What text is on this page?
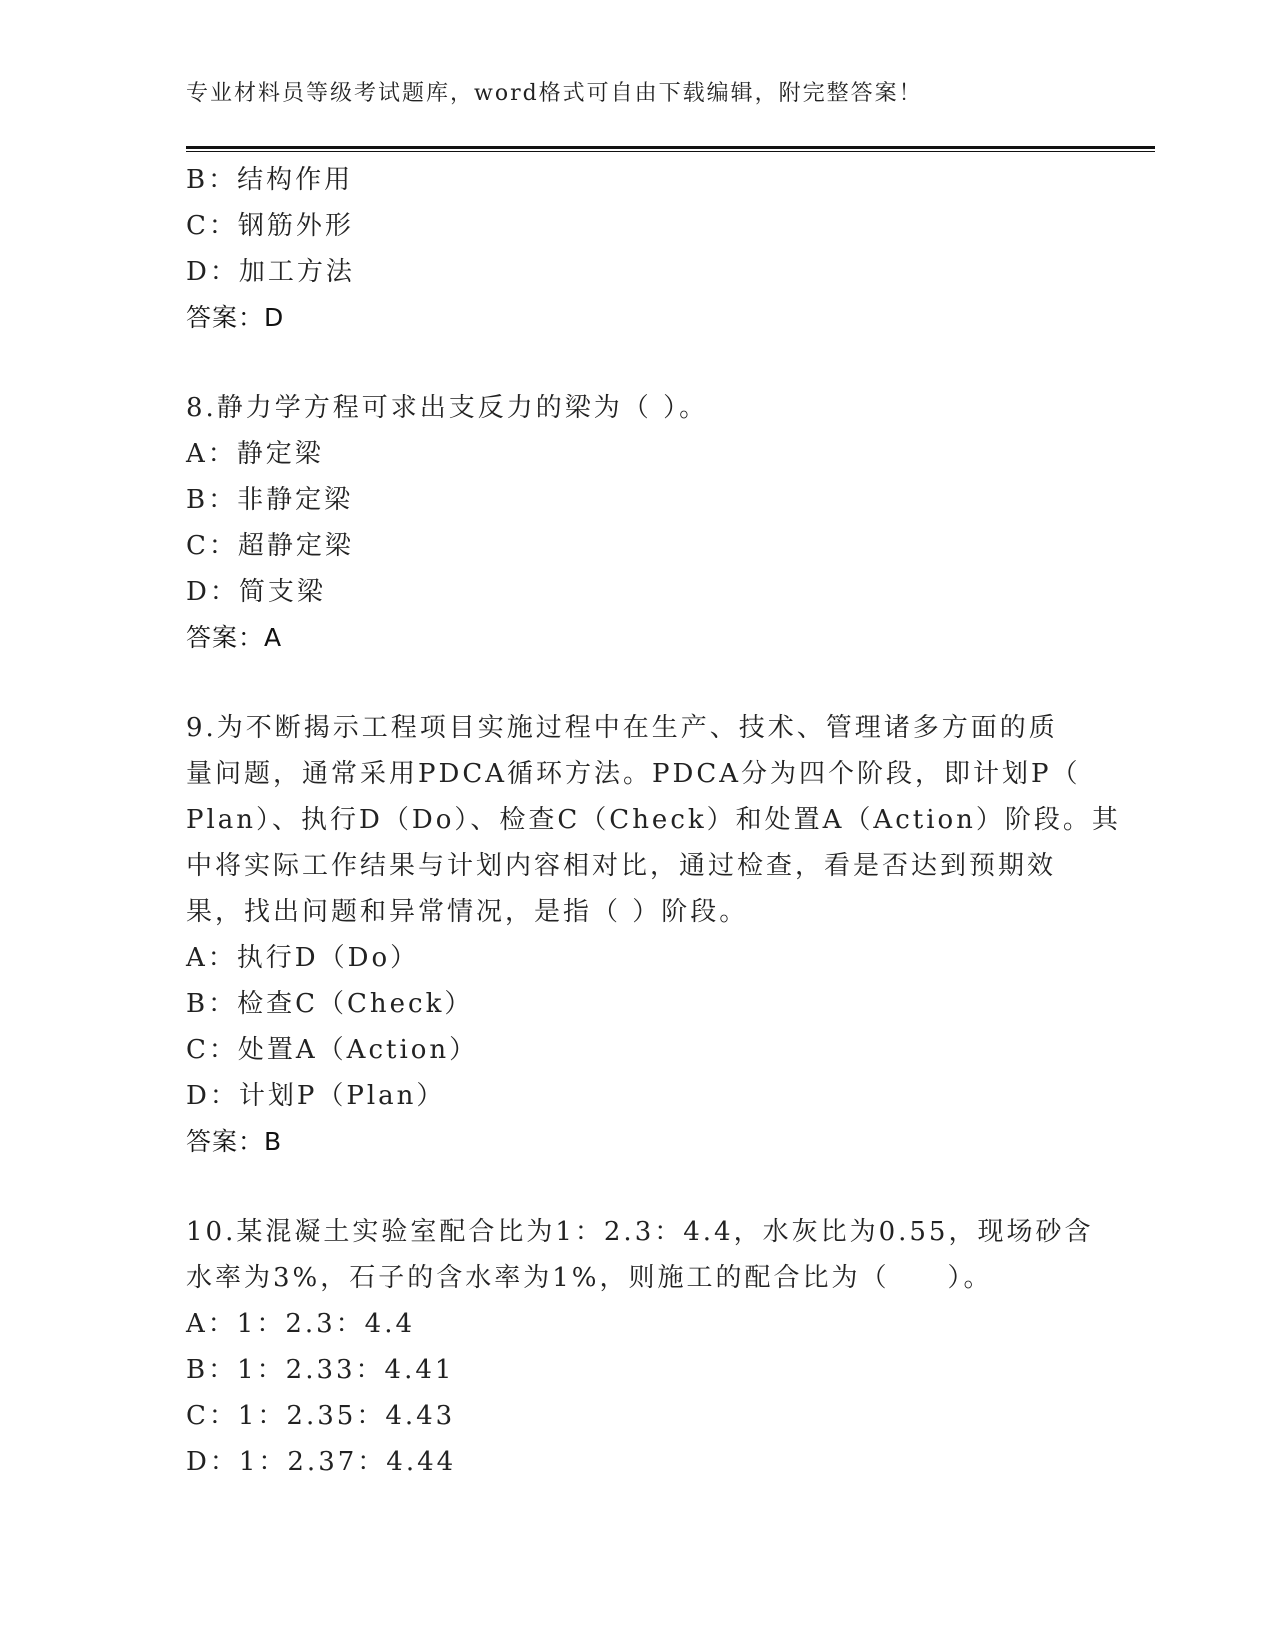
专业材料员等级考试题库，word格式可自由下载编辑，附完整答案！
B：结构作用
C：钢筋外形
D：加工方法
答案：D
8.静力学方程可求出支反力的梁为（ ）。
A：静定梁
B：非静定梁
C：超静定梁
D：简支梁
答案：A
9.为不断揭示工程项目实施过程中在生产、技术、管理诸多方面的质
量问题，通常采用PDCA循环方法。PDCA分为四个阶段，即计划P（
Plan）、执行D（Do）、检查C（Check）和处置A（Action）阶段。其
中将实际工作结果与计划内容相对比，通过检查，看是否达到预期效
果，找出问题和异常情况，是指（ ）阶段。
A：执行D（Do）
B：检查C（Check）
C：处置A（Action）
D：计划P（Plan）
答案：B
10.某混凝土实验室配合比为1：2.3：4.4，水灰比为0.55，现场砂含
水率为3%，石子的含水率为1%，则施工的配合比为（　　）。
A：1：2.3：4.4
B：1：2.33：4.41
C：1：2.35：4.43
D：1：2.37：4.44
